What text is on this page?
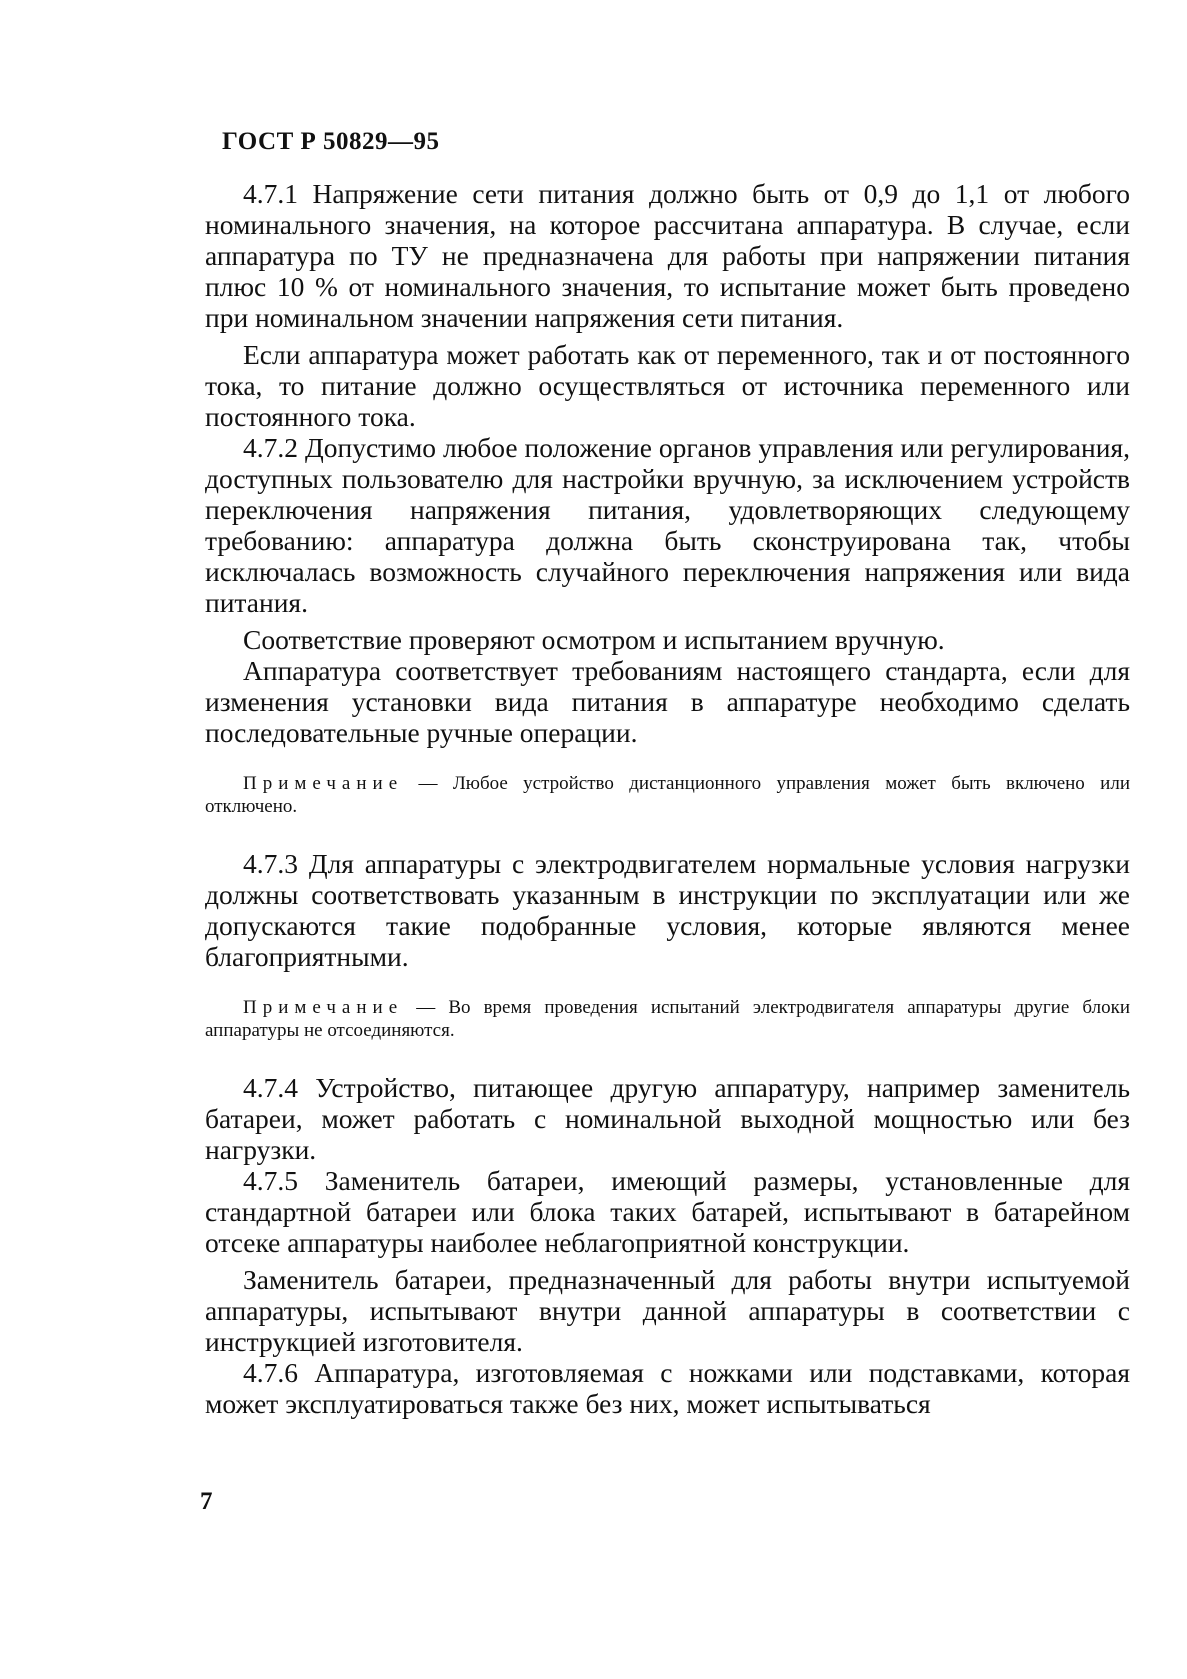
ГОСТ Р 50829—95

4.7.1 Напряжение сети питания должно быть от 0,9 до 1,1 от любого номинального значения, на которое рассчитана аппаратура. В случае, если аппаратура по ТУ не предназначена для работы при напряжении питания плюс 10 % от номинального значения, то испытание может быть проведено при номинальном значении напряжения сети питания.

Если аппаратура может работать как от переменного, так и от постоянного тока, то питание должно осуществляться от источника переменного или постоянного тока.

4.7.2 Допустимо любое положение органов управления или регулирования, доступных пользователю для настройки вручную, за исключением устройств переключения напряжения питания, удовлетворяющих следующему требованию: аппаратура должна быть сконструирована так, чтобы исключалась возможность случайного переключения напряжения или вида питания.

Соответствие проверяют осмотром и испытанием вручную.

Аппаратура соответствует требованиям настоящего стандарта, если для изменения установки вида питания в аппаратуре необходимо сделать последовательные ручные операции.

Примечание — Любое устройство дистанционного управления может быть включено или отключено.

4.7.3 Для аппаратуры с электродвигателем нормальные условия нагрузки должны соответствовать указанным в инструкции по эксплуатации или же допускаются такие подобранные условия, которые являются менее благоприятными.

Примечание — Во время проведения испытаний электродвигателя аппаратуры другие блоки аппаратуры не отсоединяются.

4.7.4 Устройство, питающее другую аппаратуру, например заменитель батареи, может работать с номинальной выходной мощностью или без нагрузки.

4.7.5 Заменитель батареи, имеющий размеры, установленные для стандартной батареи или блока таких батарей, испытывают в батарейном отсеке аппаратуры наиболее неблагоприятной конструкции.

Заменитель батареи, предназначенный для работы внутри испытуемой аппаратуры, испытывают внутри данной аппаратуры в соответствии с инструкцией изготовителя.

4.7.6 Аппаратура, изготовляемая с ножками или подставками, которая может эксплуатироваться также без них, может испытываться

7
